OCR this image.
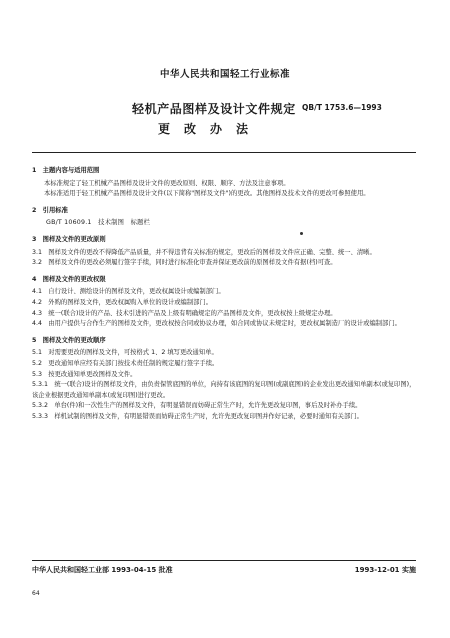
中华人民共和国轻工行业标准
轻机产品图样及设计文件规定
更改办法
QB/T 1753.6—1993

1　主题内容与适用范围

本标准规定了轻工机械产品图样及设计文件的更改原则、权限、顺序、方法及注意事项。

本标准适用于轻工机械产品图样及设计文件(以下简称"图样及文件")的更改。其他图样及技术文件的更改可参照使用。

2　引用标准

GB/T 10609.1　技术制图　标题栏

3　图样及文件的更改原则

3.1　图样及文件的更改不得降低产品质量，并不得违背有关标准的规定，更改后的图样及文件应正确、完整、统一、清晰。

3.2　图样及文件的更改必须履行签字手续，同时进行标准化审查并保证更改前的原图样及文件有据(档)可查。

4　图样及文件的更改权限

4.1　自行设计、测绘设计的图样及文件，更改权属设计或编制部门。

4.2　外购的图样及文件，更改权属购入单位的设计或编制部门。

4.3　统一(联合)设计的产品、技术引进的产品及上级有明确规定的产品图样及文件，更改权按上级规定办理。

4.4　由用户提供与合作生产的图样及文件，更改权按合同或协议办理，如合同或协议未规定时，更改权属制造厂的设计或编制部门。

5　图样及文件的更改顺序

5.1　对需要更改的图样及文件，可按格式 1、2 填写更改通知单。

5.2　更改通知单应经有关部门按技术责任制的规定履行签字手续。

5.3　按更改通知单更改图样及文件。

5.3.1　统一(联合)设计的图样及文件，由负责保管底图的单位，向持有该底图的复印图(或副底图)的企业发出更改通知单副本(或复印图)，该企业根据更改通知单副本(或复印图)进行更改。

5.3.2　单台(件)和一次性生产的图样及文件，有明显错误而妨碍正常生产时，允许先更改复印图，事后及时补办手续。

5.3.3　样机试制的图样及文件，有明显错误而妨碍正常生产时，允许先更改复印图并作好记录，必要时通知有关部门。

中华人民共和国轻工业部 1993-04-15 批准	1993-12-01 实施
64
